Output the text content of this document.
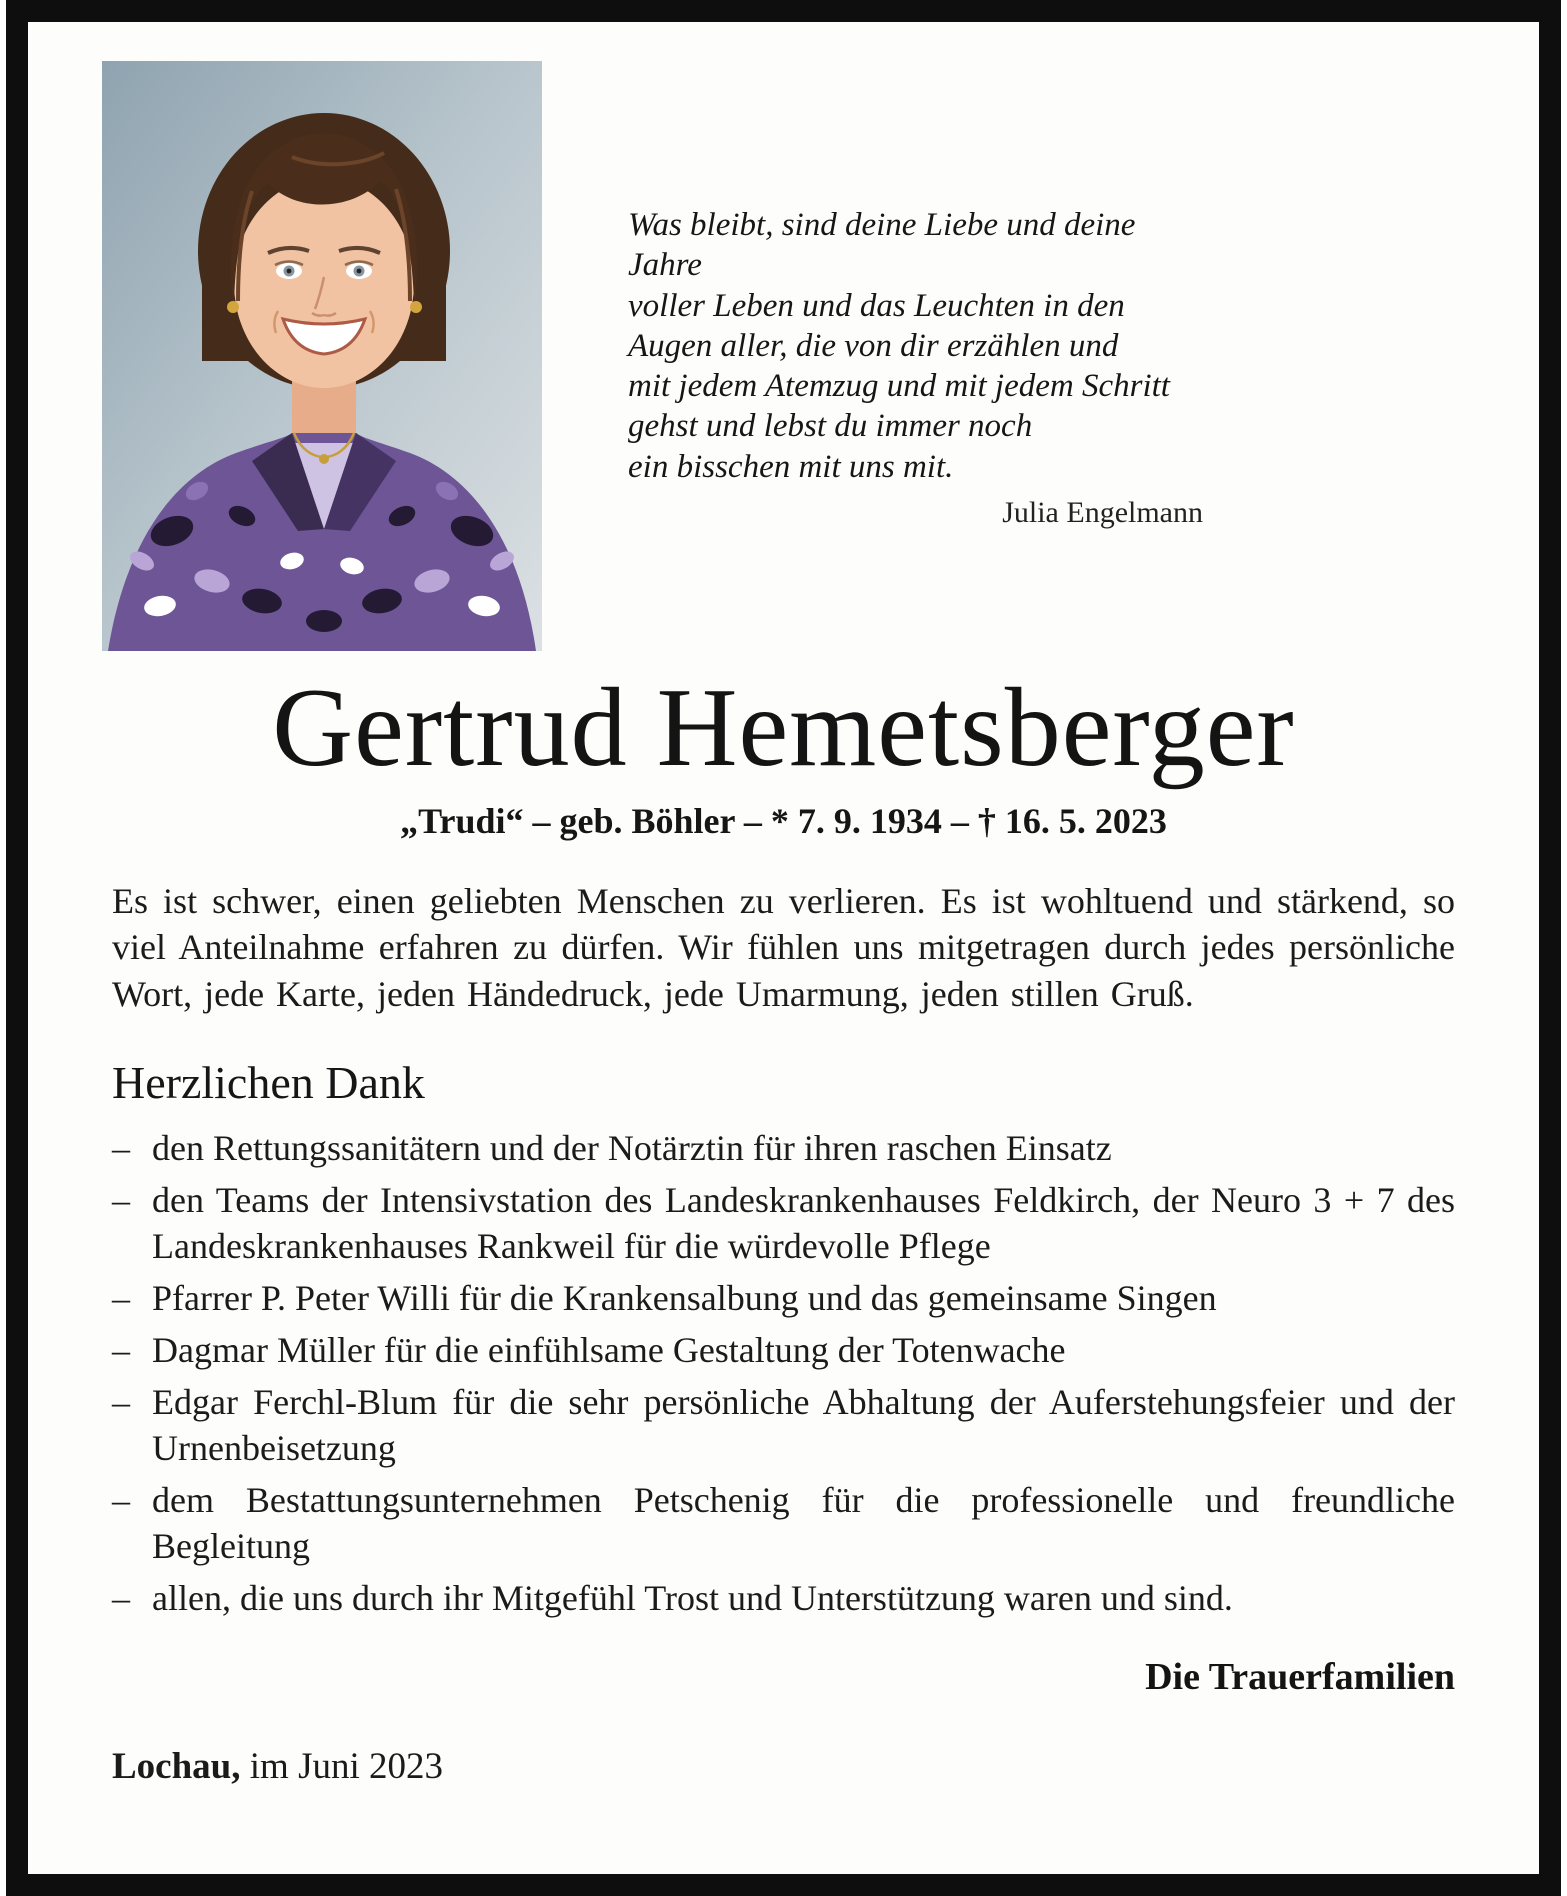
Was bleibt, sind deine Liebe und deine
Jahre
voller Leben und das Leuchten in den
Augen aller, die von dir erzählen und
mit jedem Atemzug und mit jedem Schritt
gehst und lebst du immer noch
ein bisschen mit uns mit.
Julia Engelmann
Gertrud Hemetsberger
„Trudi“ – geb. Böhler – * 7. 9. 1934 – † 16. 5. 2023

Es ist schwer, einen geliebten Menschen zu verlieren. Es ist wohltuend und stärkend, so viel Anteilnahme erfahren zu dürfen. Wir fühlen uns mitgetragen durch jedes persönliche Wort, jede Karte, jeden Händedruck, jede Umarmung, jeden stillen Gruß.

Herzlichen Dank
– den Rettungssanitätern und der Notärztin für ihren raschen Einsatz
– den Teams der Intensivstation des Landeskrankenhauses Feldkirch, der Neuro 3 + 7 des Landeskrankenhauses Rankweil für die würdevolle Pflege
– Pfarrer P. Peter Willi für die Krankensalbung und das gemeinsame Singen
– Dagmar Müller für die einfühlsame Gestaltung der Totenwache
– Edgar Ferchl-Blum für die sehr persönliche Abhaltung der Auferstehungsfeier und der Urnenbeisetzung
– dem Bestattungsunternehmen Petschenig für die professionelle und freundliche Begleitung
– allen, die uns durch ihr Mitgefühl Trost und Unterstützung waren und sind.
Die Trauerfamilien
Lochau, im Juni 2023
